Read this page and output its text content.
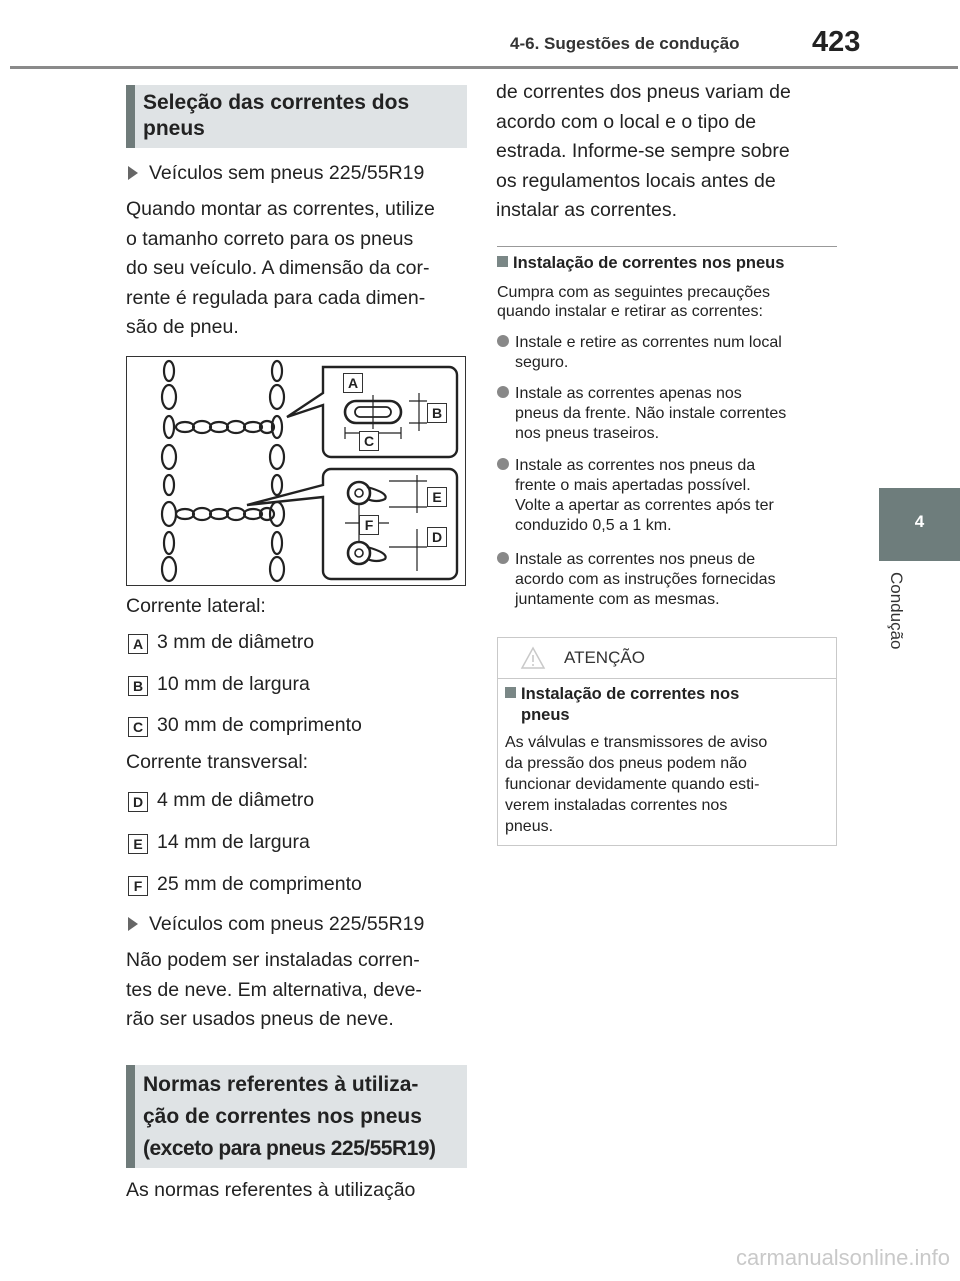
4-6. Sugestões de condução 423
4
Condução
Seleção das correntes dos
pneus
Veículos sem pneus 225/55R19
Quando montar as correntes, utilize
o tamanho correto para os pneus
do seu veículo. A dimensão da cor-
rente é regulada para cada dimen-
são de pneu.
A
B
C
E
F
D
Corrente lateral:
A 3 mm de diâmetro
B 10 mm de largura
C 30 mm de comprimento
Corrente transversal:
D 4 mm de diâmetro
E 14 mm de largura
F 25 mm de comprimento
Veículos com pneus 225/55R19
Não podem ser instaladas corren-
tes de neve. Em alternativa, deve-
rão ser usados pneus de neve.
Normas referentes à utiliza-
ção de correntes nos pneus
(exceto para pneus 225/55R19)
As normas referentes à utilização
de correntes dos pneus variam de
acordo com o local e o tipo de
estrada. Informe-se sempre sobre
os regulamentos locais antes de
instalar as correntes.
Instalação de correntes nos pneus
Cumpra com as seguintes precauções
quando instalar e retirar as correntes:
Instale e retire as correntes num local
seguro.
Instale as correntes apenas nos
pneus da frente. Não instale correntes
nos pneus traseiros.
Instale as correntes nos pneus da
frente o mais apertadas possível.
Volte a apertar as correntes após ter
conduzido 0,5 a 1 km.
Instale as correntes nos pneus de
acordo com as instruções fornecidas
juntamente com as mesmas.
ATENÇÃO
Instalação de correntes nos
pneus
As válvulas e transmissores de aviso
da pressão dos pneus podem não
funcionar devidamente quando esti-
verem instaladas correntes nos
pneus.
carmanualsonline.info
